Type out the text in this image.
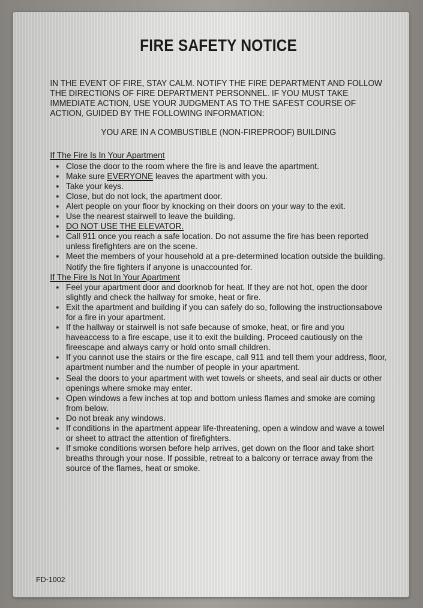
FIRE SAFETY NOTICE

IN THE EVENT OF FIRE, STAY CALM. NOTIFY THE FIRE DEPARTMENT AND FOLLOW THE DIRECTIONS OF FIRE DEPARTMENT PERSONNEL. IF YOU MUST TAKE IMMEDIATE ACTION, USE YOUR JUDGMENT AS TO THE SAFEST COURSE OF ACTION, GUIDED BY THE FOLLOWING INFORMATION:

YOU ARE IN A COMBUSTIBLE (NON-FIREPROOF) BUILDING

If The Fire Is In Your Apartment

▪ Close the door to the room where the fire is and leave the apartment.
▪ Make sure EVERYONE leaves the apartment with you.
▪ Take your keys.
▪ Close, but do not lock, the apartment door.
▪ Alert people on your floor by knocking on their doors on your way to the exit.
▪ Use the nearest stairwell to leave the building.
▪ DO NOT USE THE ELEVATOR.
▪ Call 911 once you reach a safe location. Do not assume the fire has been reported unless firefighters are on the scene.
▪ Meet the members of your household at a pre-determined location outside the building. Notify the fire fighters if anyone is unaccounted for.

If The Fire Is Not In Your Apartment

▪ Feel your apartment door and doorknob for heat. If they are not hot, open the door slightly and check the hallway for smoke, heat or fire.
▪ Exit the apartment and building if you can safely do so, following the instructionsabove for a fire in your apartment.
▪ If the hallway or stairwell is not safe because of smoke, heat, or fire and you haveaccess to a fire escape, use it to exit the building. Proceed cautiously on the fireescape and always carry or hold onto small children.
▪ If you cannot use the stairs or the fire escape, call 911 and tell them your address, floor, apartment number and the number of people in your apartment.
▪ Seal the doors to your apartment with wet towels or sheets, and seal air ducts or other openings where smoke may enter.
▪ Open windows a few inches at top and bottom unless flames and smoke are coming from below.
▪ Do not break any windows.
▪ If conditions in the apartment appear life-threatening, open a window and wave a towel or sheet to attract the attention of firefighters.
▪ If smoke conditions worsen before help arrives, get down on the floor and take short breaths through your nose. If possible, retreat to a balcony or terrace away from the source of the flames, heat or smoke.
FD-1002
